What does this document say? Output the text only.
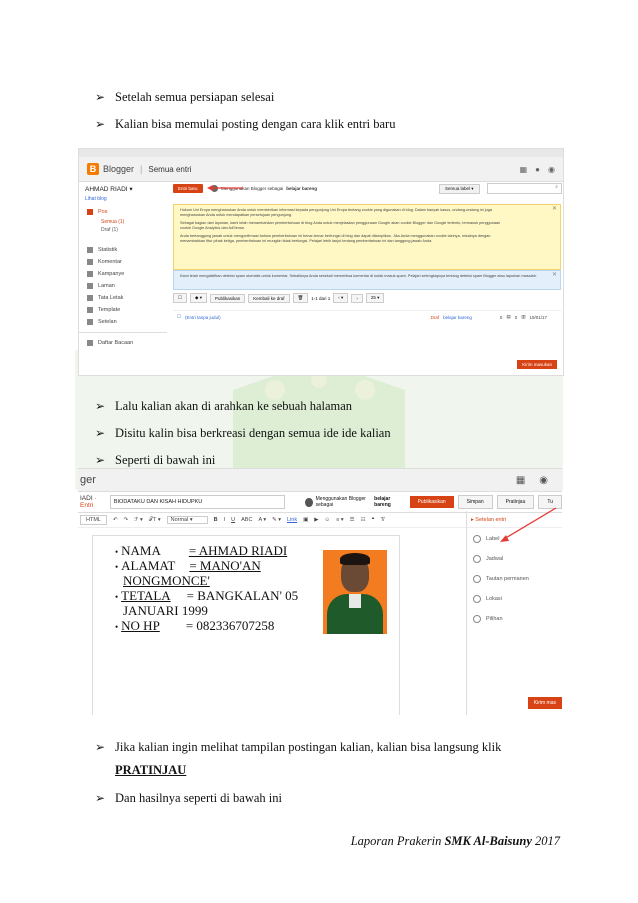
➢ Setelah semua persiapan selesai
➢ Kalian bisa memulai posting dengan cara klik entri baru
B Blogger | Semua entri	▦ ● ◉
AHMAD RIADI ▾
Lihat blog
Pos
Semua (1)
Draf (1)
Statistik
Komentar
Kampanye
Laman
Tata Letak
Template
Setelan
Daftar Bacaan
Entri baru	Menggunakan Blogger sebagai belajar bareng	Semua label ▾	⌕
✕

Hukum Uni Eropa mengharuskan Anda untuk memberikan informasi kepada pengunjung Uni Eropa tentang cookie yang digunakan di blog. Dalam banyak kasus, undang-undang ini juga mengharuskan Anda untuk mendapatkan persetujuan pengunjung.

Sebagai bagian dari layanan, kami telah menambahkan pemberitahuan di blog Anda untuk menjelaskan penggunaan Google akan cookie Blogger dan Google tertentu, termasuk penggunaan cookie Google Analytics dan AdSense.

Anda bertanggung jawab untuk mengonfirmasi bahwa pemberitahuan ini benar-benar berfungsi di blog dan dapat ditampilkan. Jika Anda menggunakan cookie lainnya, misalnya dengan menambahkan fitur pihak ketiga, pemberitahuan ini mungkin tidak berfungsi. Pelajari lebih lanjut tentang pemberitahuan ini dan tanggung jawab Anda.

✕
Kami telah mengaktifkan deteksi spam otomatis untuk komentar. Sebaliknya Anda sesekali memeriksa komentar di kotak masuk spam. Pelajari selengkapnya tentang deteksi spam Blogger atau laporkan masalah.
☐	◆ ▾	Publikasikan	Kembali ke draf	🗑	1-1 dari 1	‹ ▾	›	25 ▾
☐ (Entri tanpa judul)	Draf belajar bareng	0 ▤ 0 ▥ 19/01/17
Kirim masukan
➢ Lalu kalian akan di arahkan ke sebuah halaman
➢ Disitu kalin bisa berkreasi dengan semua ide ide kalian
➢ Seperti di bawah ini
ger	▦ ◉
IADI · Entri	BIODATAKU DAN KISAH HIDUPKU	Menggunakan Blogger sebagai
belajar bareng	Publikasikan	Simpan	Pratinjau	Tu
HTML	↶ ↷ ℱ ▾ 𝒯T ▾	Normal ▾	B I U ABC A ▾ ✎ ▾ Link ▣ ▶ ☺ ≡ ▾ ☰ ☷ ❝ T̸
• NAMA = AHMAD RIADI
• ALAMAT = MANO'AN
NONGMONCE'
• TETALA = BANGKALAN' 05
JANUARI 1999
• NO HP = 082336707258
▸ Setelan entri
Label
Jadwal
Tautan permanen
Lokasi
Pilihan
Kirim mas
➢ Jika kalian ingin melihat tampilan postingan kalian, kalian bisa langsung klik
PRATINJAU
➢ Dan hasilnya seperti di bawah ini
Laporan Prakerin SMK Al-Baisuny 2017
